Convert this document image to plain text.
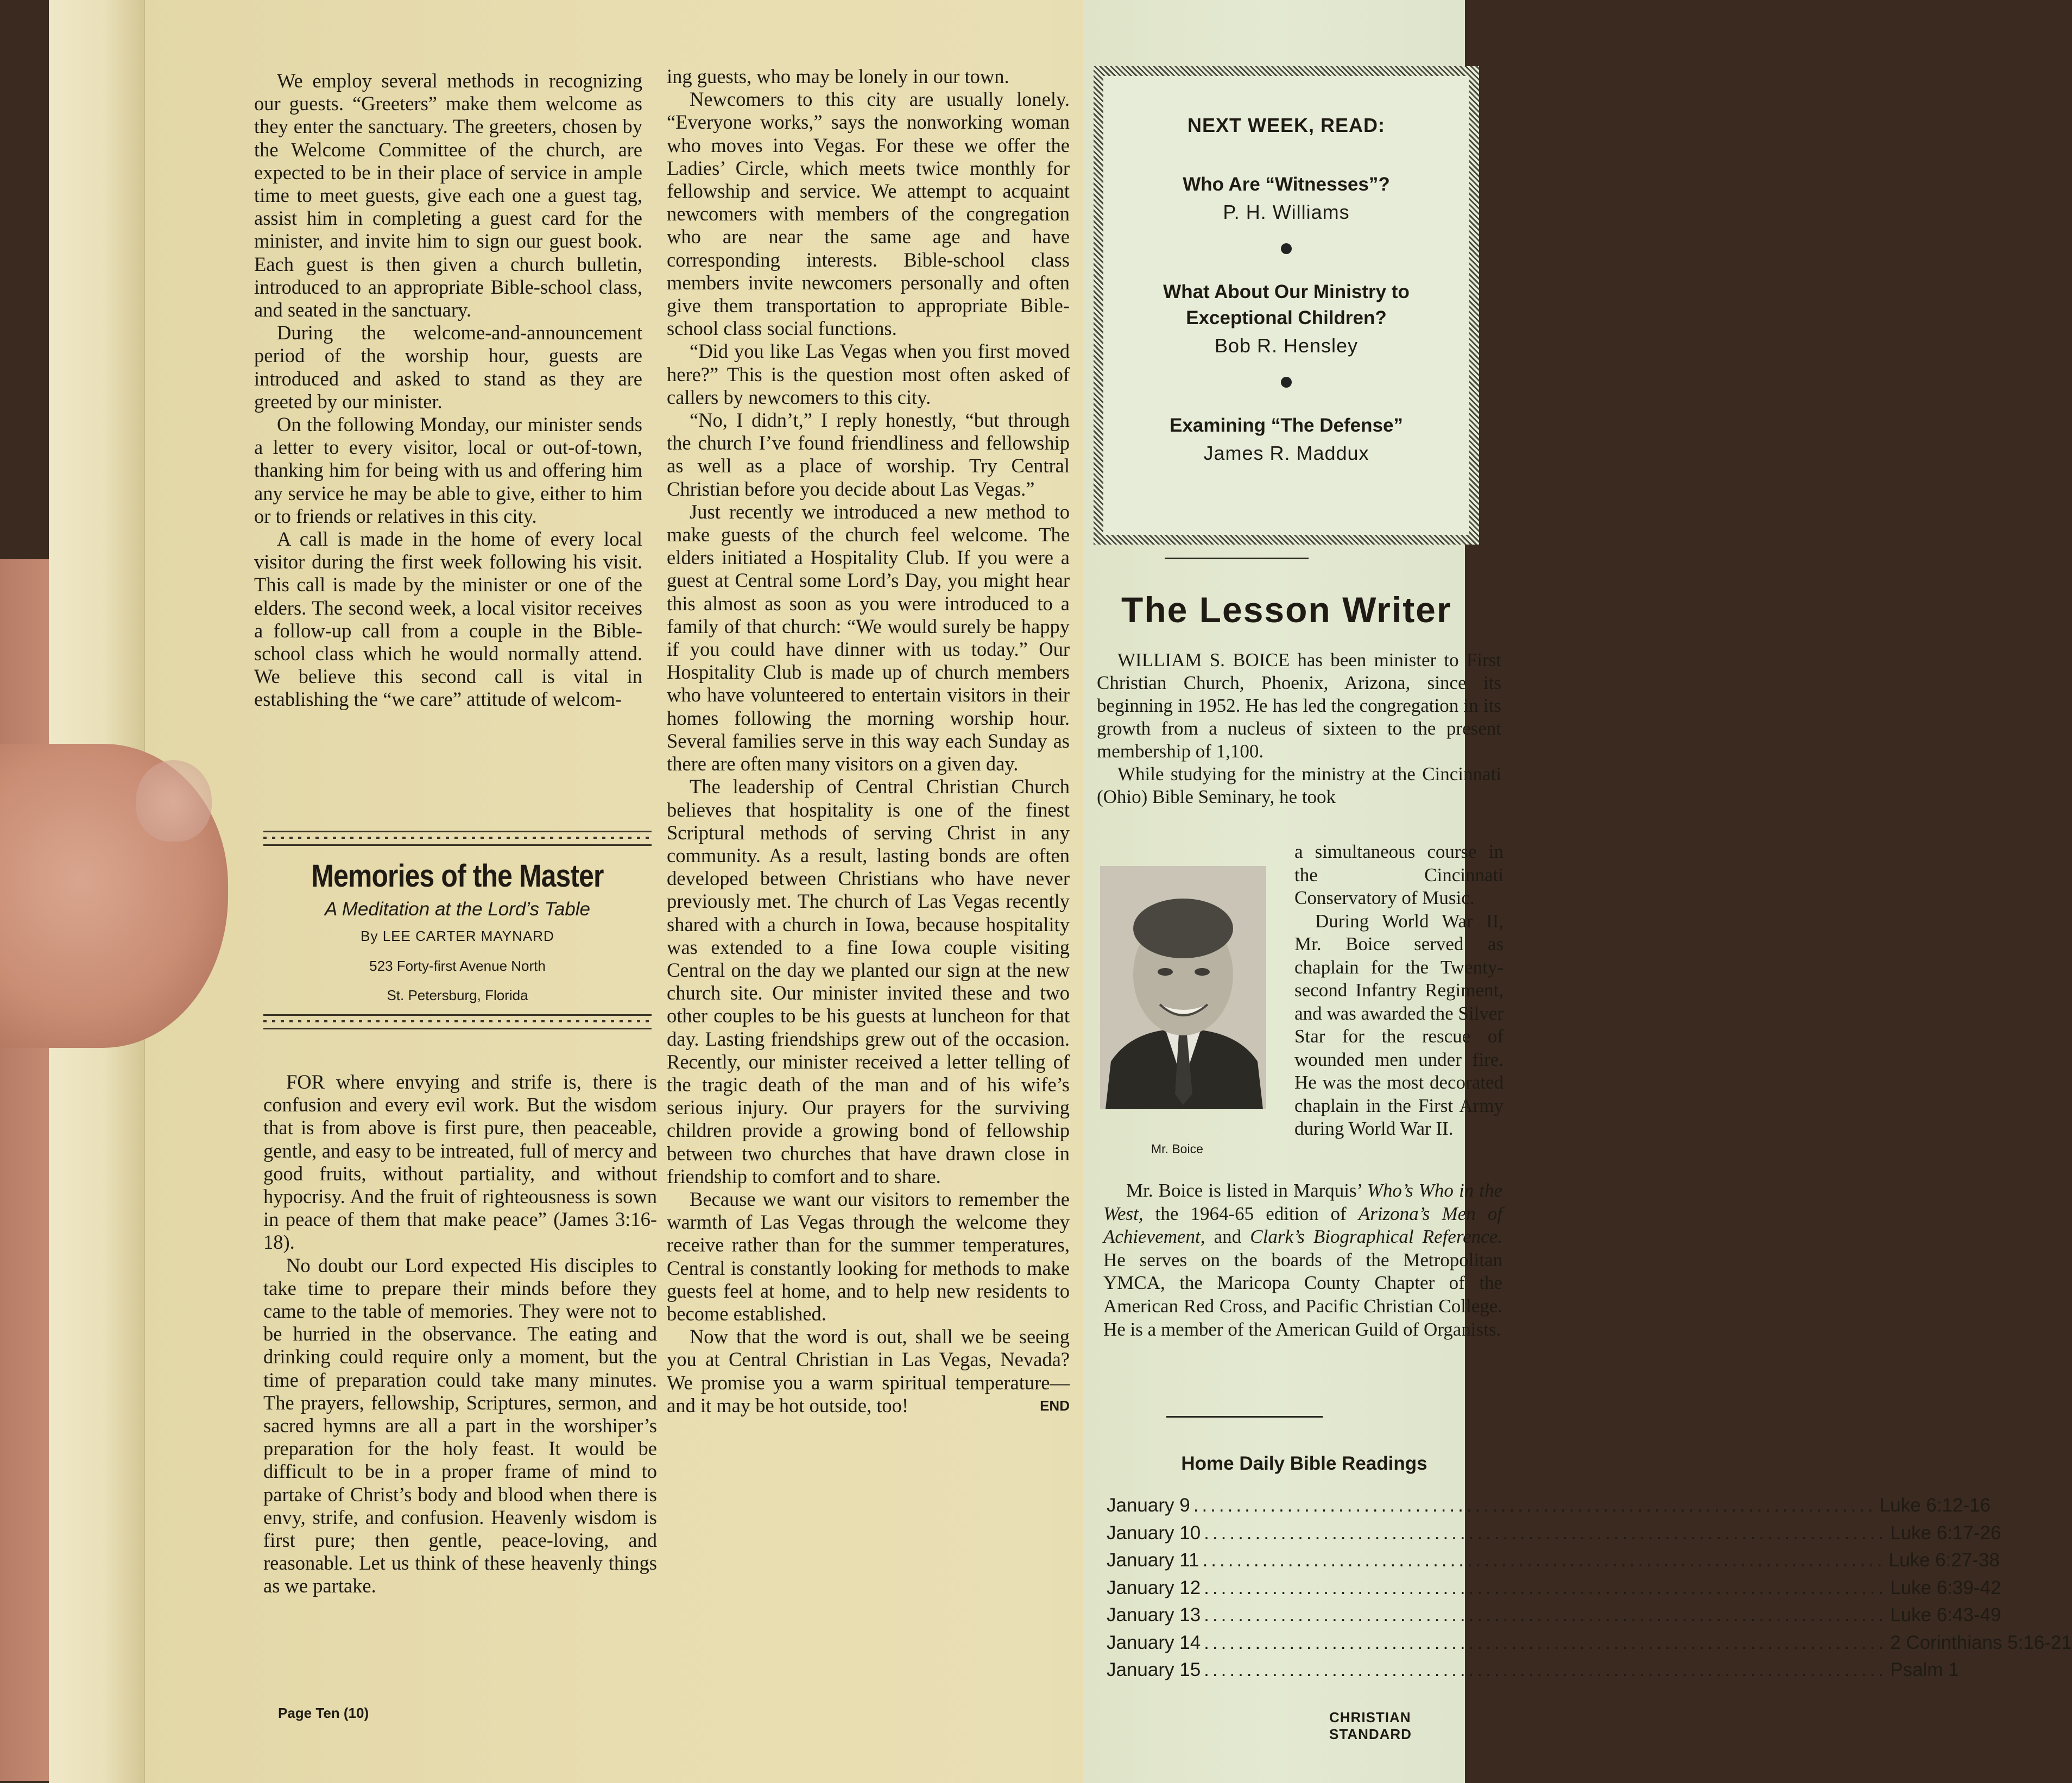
We employ several methods in recognizing our guests. “Greeters” make them welcome as they enter the sanctuary. The greeters, chosen by the Welcome Committee of the church, are expected to be in their place of service in ample time to meet guests, give each one a guest tag, assist him in completing a guest card for the minister, and invite him to sign our guest book. Each guest is then given a church bulletin, introduced to an appropriate Bible-school class, and seated in the sanctuary.

During the welcome-and-announcement period of the worship hour, guests are introduced and asked to stand as they are greeted by our minister.

On the following Monday, our minister sends a letter to every visitor, local or out-of-town, thanking him for being with us and offering him any service he may be able to give, either to him or to friends or relatives in this city.

A call is made in the home of every local visitor during the first week following his visit. This call is made by the minister or one of the elders. The second week, a local visitor receives a follow-up call from a couple in the Bible-school class which he would normally attend. We believe this second call is vital in establishing the “we care” attitude of welcom-

Memories of the Master
A Meditation at the Lord’s Table
By LEE CARTER MAYNARD
523 Forty-first Avenue North
St. Petersburg, Florida

FOR where envying and strife is, there is confusion and every evil work. But the wisdom that is from above is first pure, then peaceable, gentle, and easy to be intreated, full of mercy and good fruits, without partiality, and without hypocrisy. And the fruit of righteousness is sown in peace of them that make peace” (James 3:16-18).

No doubt our Lord expected His disciples to take time to prepare their minds before they came to the table of memories. They were not to be hurried in the observance. The eating and drinking could require only a moment, but the time of preparation could take many minutes. The prayers, fellowship, Scriptures, sermon, and sacred hymns are all a part in the worshiper’s preparation for the holy feast. It would be difficult to be in a proper frame of mind to partake of Christ’s body and blood when there is envy, strife, and confusion. Heavenly wisdom is first pure; then gentle, peace-loving, and reasonable. Let us think of these heavenly things as we partake.

ing guests, who may be lonely in our town.

Newcomers to this city are usually lonely. “Everyone works,” says the nonworking woman who moves into Vegas. For these we offer the Ladies’ Circle, which meets twice monthly for fellowship and service. We attempt to acquaint newcomers with members of the congregation who are near the same age and have corresponding interests. Bible-school class members invite newcomers personally and often give them transportation to appropriate Bible-school class social functions.

“Did you like Las Vegas when you first moved here?” This is the question most often asked of callers by newcomers to this city.

“No, I didn’t,” I reply honestly, “but through the church I’ve found friendliness and fellowship as well as a place of worship. Try Central Christian before you decide about Las Vegas.”

Just recently we introduced a new method to make guests of the church feel welcome. The elders initiated a Hospitality Club. If you were a guest at Central some Lord’s Day, you might hear this almost as soon as you were introduced to a family of that church: “We would surely be happy if you could have dinner with us today.” Our Hospitality Club is made up of church members who have volunteered to entertain visitors in their homes following the morning worship hour. Several families serve in this way each Sunday as there are often many visitors on a given day.

The leadership of Central Christian Church believes that hospitality is one of the finest Scriptural methods of serving Christ in any community. As a result, lasting bonds are often developed between Christians who have never previously met. The church of Las Vegas recently shared with a church in Iowa, because hospitality was extended to a fine Iowa couple visiting Central on the day we planted our sign at the new church site. Our minister invited these and two other couples to be his guests at luncheon for that day. Lasting friendships grew out of the occasion. Recently, our minister received a letter telling of the tragic death of the man and of his wife’s serious injury. Our prayers for the surviving children provide a growing bond of fellowship between two churches that have drawn close in friendship to comfort and to share.

Because we want our visitors to remember the warmth of Las Vegas through the welcome they receive rather than for the summer temperatures, Central is constantly looking for methods to make guests feel at home, and to help new residents to become established.

Now that the word is out, shall we be seeing you at Central Christian in Las Vegas, Nevada? We promise you a warm spiritual temperature—and it may be hot outside, too!	END

NEXT WEEK, READ:

Who Are “Witnesses”?

P. H. Williams

What About Our Ministry to Exceptional Children?

Bob R. Hensley

Examining “The Defense”

James R. Maddux

The Lesson Writer

WILLIAM S. BOICE has been minister to First Christian Church, Phoenix, Arizona, since its beginning in 1952. He has led the congregation in its growth from a nucleus of sixteen to the present membership of 1,100.

While studying for the ministry at the Cincinnati (Ohio) Bible Seminary, he took

Mr. Boice

a simultaneous course in the Cincinnati Conservatory of Music.

During World War II, Mr. Boice served as chaplain for the Twenty-second Infantry Regiment, and was awarded the Silver Star for the rescue of wounded men under fire. He was the most decorated chaplain in the First Army during World War II.

Mr. Boice is listed in Marquis’ Who’s Who in the West, the 1964-65 edition of Arizona’s Men of Achievement, and Clark’s Biographical Reference. He serves on the boards of the Metropolitan YMCA, the Maricopa County Chapter of the American Red Cross, and Pacific Christian College. He is a member of the American Guild of Organists.

Home Daily Bible Readings
January 9 ................................................................................ Luke 6:12-16
January 10 ................................................................................ Luke 6:17-26
January 11 ................................................................................ Luke 6:27-38
January 12 ................................................................................ Luke 6:39-42
January 13 ................................................................................ Luke 6:43-49
January 14 ................................................................................ 2 Corinthians 5:16-21
January 15 ................................................................................ Psalm 1
Page Ten (10)	CHRISTIAN STANDARD
